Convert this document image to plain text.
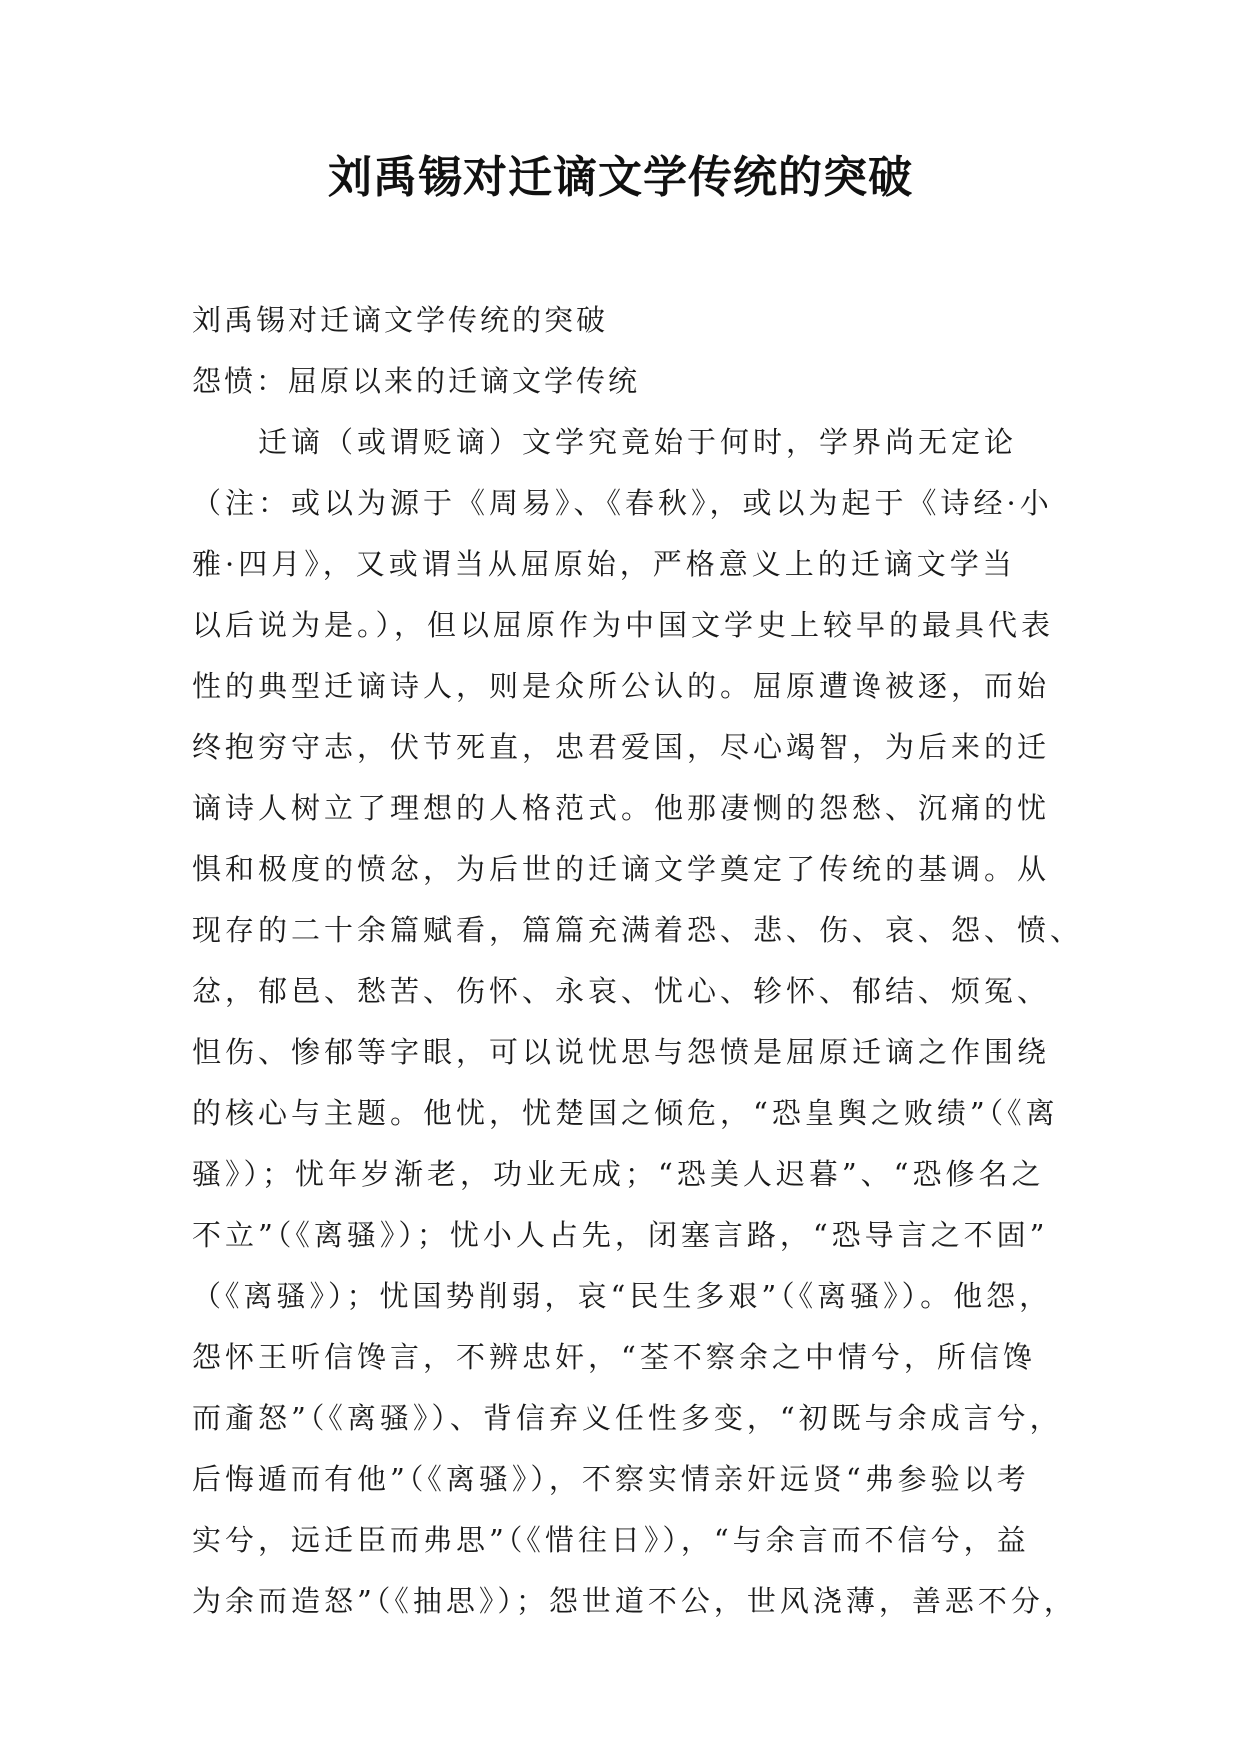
刘禹锡对迁谪文学传统的突破

刘禹锡对迁谪文学传统的突破

怨愤：屈原以来的迁谪文学传统

　　迁谪（或谓贬谪）文学究竟始于何时，学界尚无定论

（注：或以为源于《周易》、《春秋》，或以为起于《诗经·小

雅·四月》，又或谓当从屈原始，严格意义上的迁谪文学当

以后说为是。），但以屈原作为中国文学史上较早的最具代表

性的典型迁谪诗人，则是众所公认的。屈原遭谗被逐，而始

终抱穷守志，伏节死直，忠君爱国，尽心竭智，为后来的迁

谪诗人树立了理想的人格范式。他那凄恻的怨愁、沉痛的忧

惧和极度的愤忿，为后世的迁谪文学奠定了传统的基调。从

现存的二十余篇赋看，篇篇充满着恐、悲、伤、哀、怨、愤、

忿，郁邑、愁苦、伤怀、永哀、忧心、轸怀、郁结、烦冤、

怛伤、惨郁等字眼，可以说忧思与怨愤是屈原迁谪之作围绕

的核心与主题。他忧，忧楚国之倾危，“恐皇舆之败绩”（《离

骚》）；忧年岁渐老，功业无成；“恐美人迟暮”、“恐修名之

不立”（《离骚》）；忧小人占先，闭塞言路，“恐导言之不固”

（《离骚》）；忧国势削弱，哀“民生多艰”（《离骚》）。他怨，

怨怀王听信馋言，不辨忠奸，“荃不察余之中情兮，所信馋

而齑怒”（《离骚》）、背信弃义任性多变，“初既与余成言兮，

后悔遁而有他”（《离骚》），不察实情亲奸远贤“弗参验以考

实兮，远迁臣而弗思”（《惜往日》），“与余言而不信兮，益

为余而造怒”（《抽思》）；怨世道不公，世风浇薄，善恶不分，
